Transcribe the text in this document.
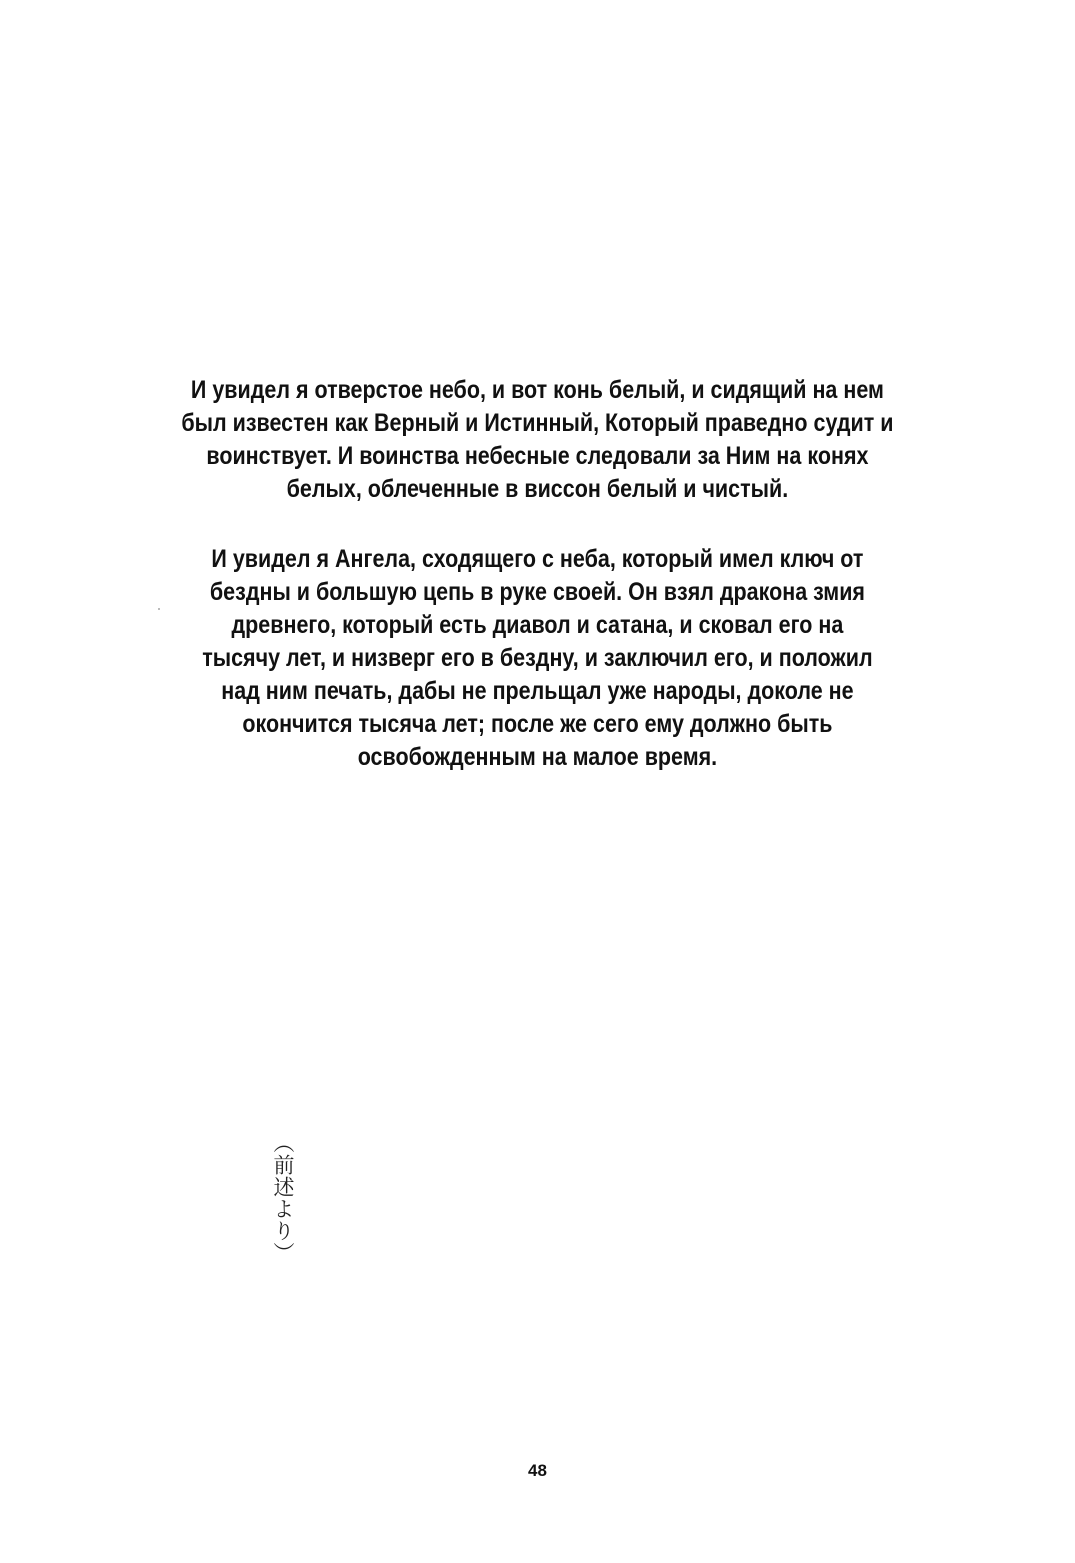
И увидел я отверстое небо, и вот конь белый, и сидящий на нем
был известен как Верный и Истинный, Который праведно судит и
воинствует. И воинства небесные следовали за Ним на конях
белых, облеченные в виссон белый и чистый.
И увидел я Ангела, сходящего с неба, который имел ключ от
бездны и большую цепь в руке своей. Он взял дракона змия
древнего, который есть диавол и сатана, и сковал его на
тысячу лет, и низверг его в бездну, и заключил его, и положил
над ним печать, дабы не прельщал уже народы, доколе не
окончится тысяча лет; после же сего ему должно быть
освобожденным на малое время.
（前述より）
48
